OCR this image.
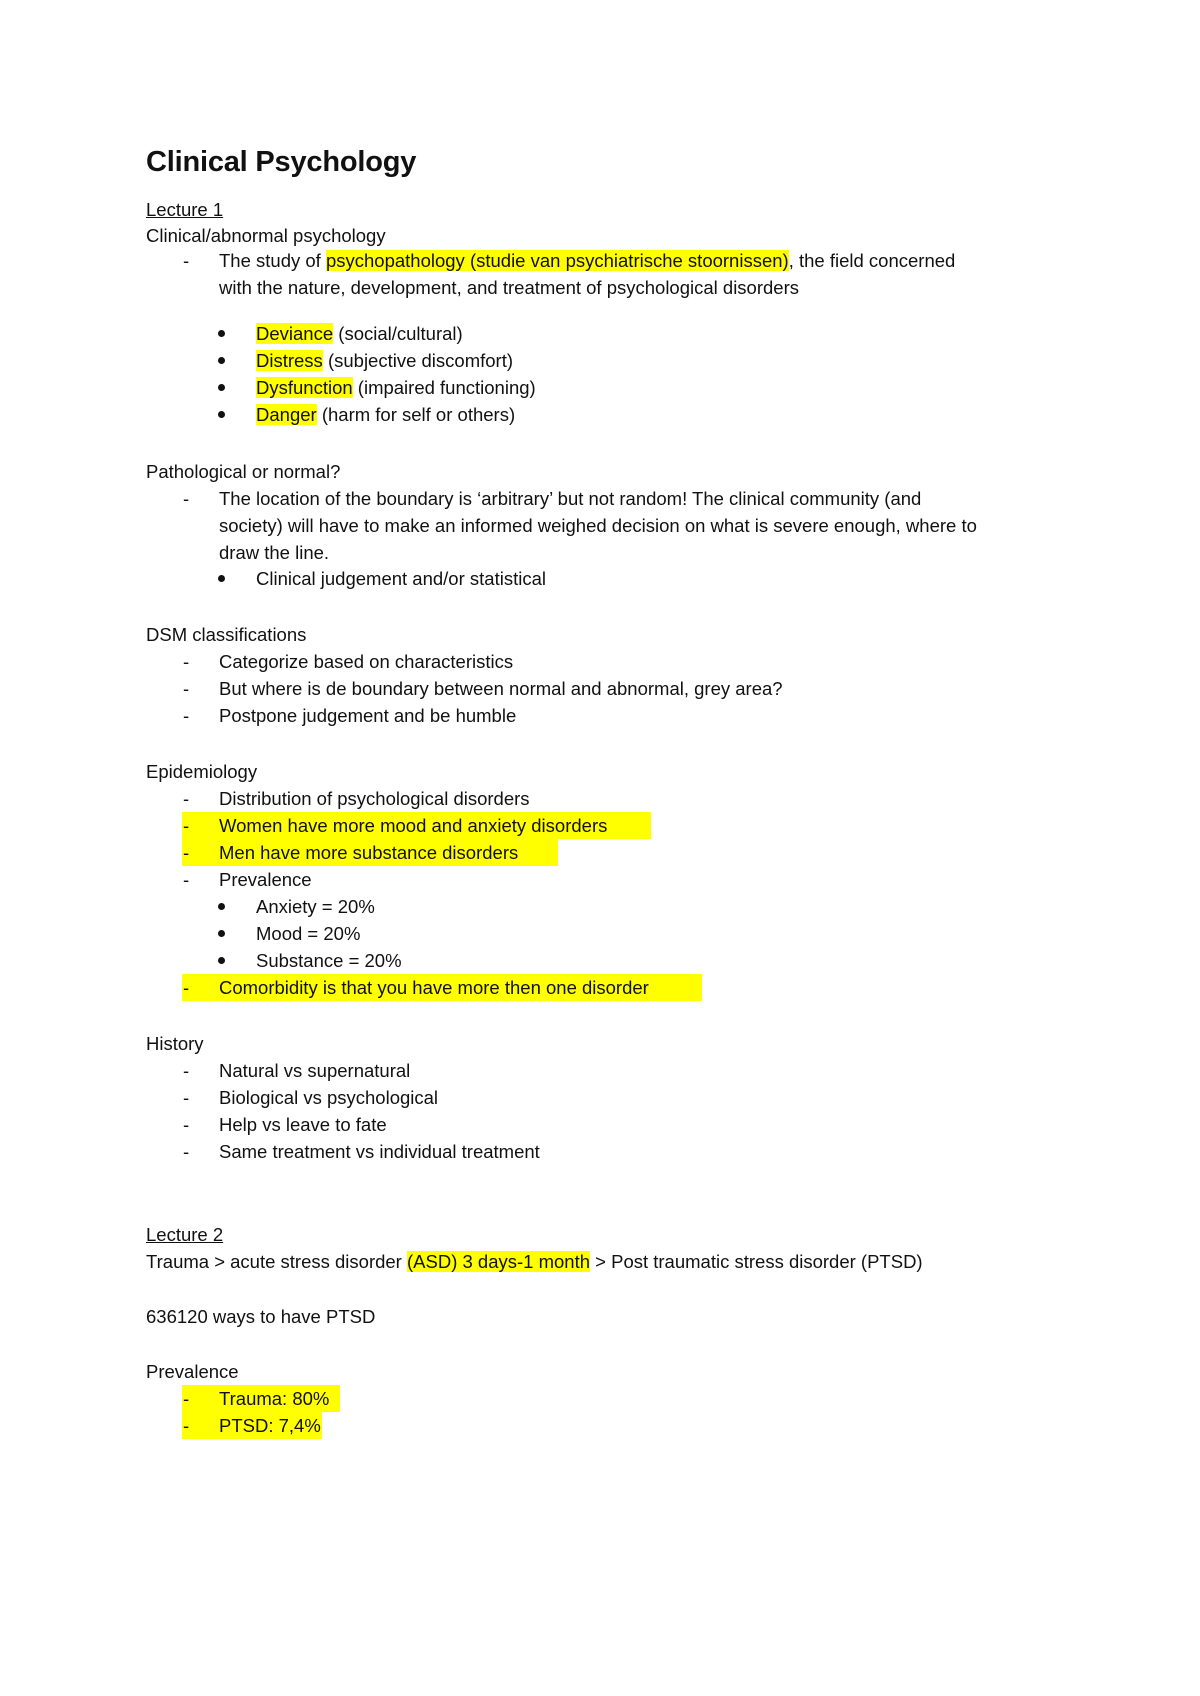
Clinical Psychology
Lecture 1
Clinical/abnormal psychology
- The study of psychopathology (studie van psychiatrische stoornissen), the field concerned
with the nature, development, and treatment of psychological disorders
Deviance (social/cultural)
Distress (subjective discomfort)
Dysfunction (impaired functioning)
Danger (harm for self or others)
Pathological or normal?
- The location of the boundary is ‘arbitrary’ but not random! The clinical community (and
society) will have to make an informed weighed decision on what is severe enough, where to
draw the line.
Clinical judgement and/or statistical
DSM classifications
- Categorize based on characteristics
- But where is de boundary between normal and abnormal, grey area?
- Postpone judgement and be humble
Epidemiology
- Distribution of psychological disorders
- Women have more mood and anxiety disorders
- Men have more substance disorders
- Prevalence
Anxiety = 20%
Mood = 20%
Substance = 20%
- Comorbidity is that you have more then one disorder
History
- Natural vs supernatural
- Biological vs psychological
- Help vs leave to fate
- Same treatment vs individual treatment
Lecture 2
Trauma > acute stress disorder (ASD) 3 days-1 month > Post traumatic stress disorder (PTSD)
636120 ways to have PTSD
Prevalence
- Trauma: 80%
- PTSD: 7,4%
